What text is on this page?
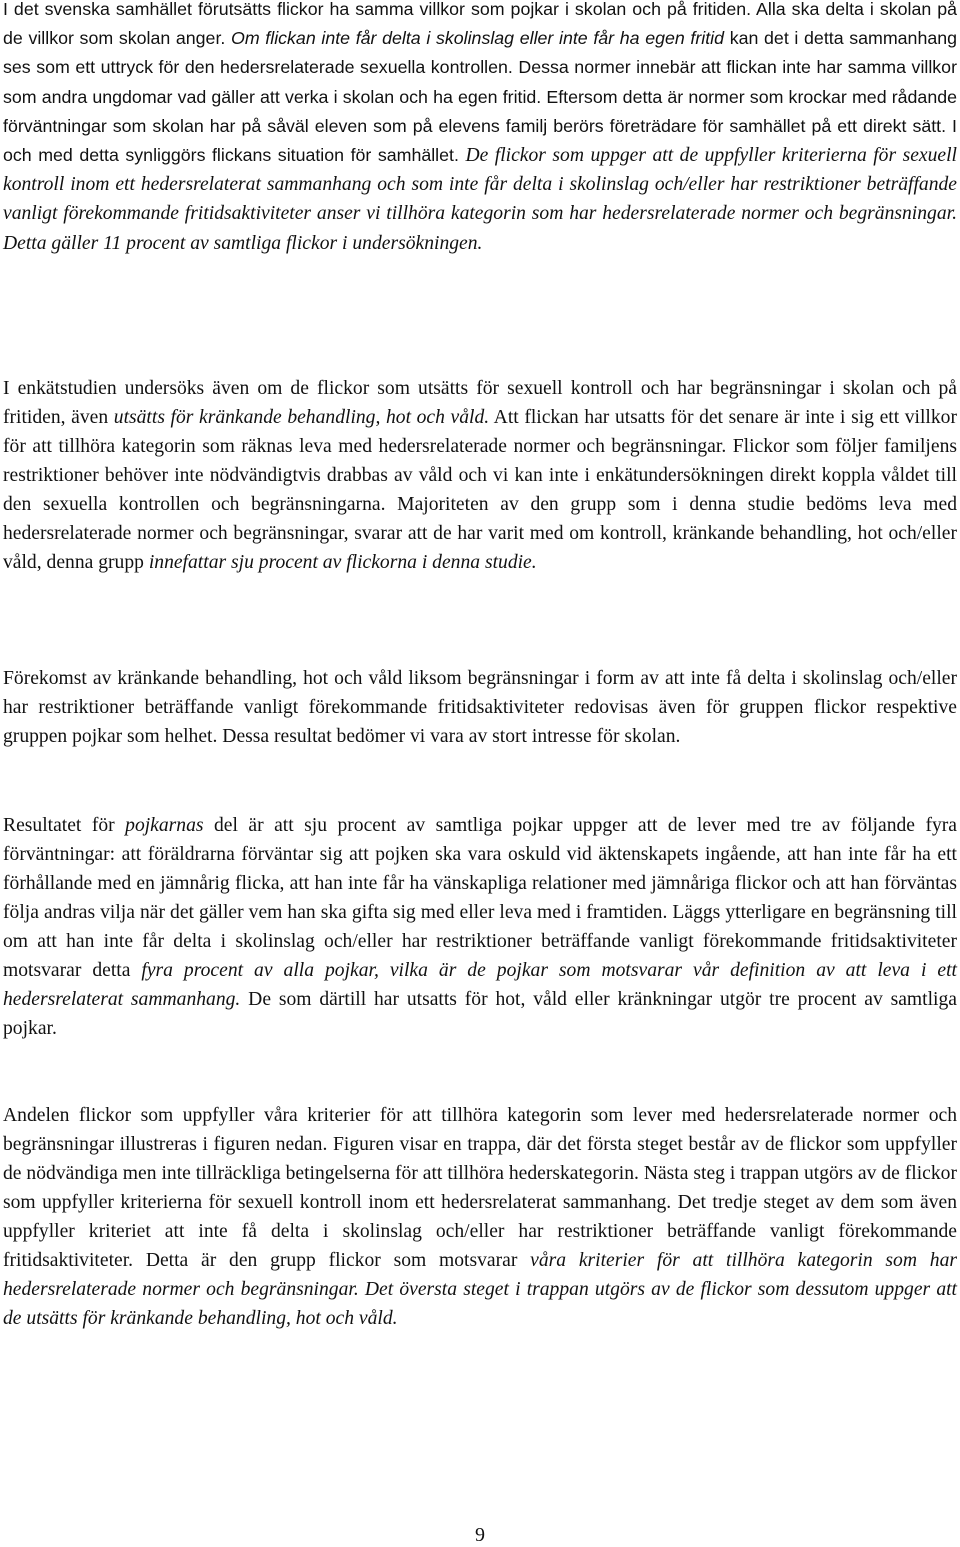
I det svenska samhället förutsätts flickor ha samma villkor som pojkar i skolan och på fritiden. Alla ska delta i skolan på de villkor som skolan anger. Om flickan inte får delta i skolinslag eller inte får ha egen fritid kan det i detta sammanhang ses som ett uttryck för den hedersrelaterade sexuella kontrollen. Dessa normer innebär att flickan inte har samma villkor som andra ungdomar vad gäller att verka i skolan och ha egen fritid. Eftersom detta är normer som krockar med rådande förväntningar som skolan har på såväl eleven som på elevens familj berörs företrädare för samhället på ett direkt sätt. I och med detta synliggörs flickans situation för samhället. De flickor som uppger att de uppfyller kriterierna för sexuell kontroll inom ett hedersrelaterat sammanhang och som inte får delta i skolinslag och/eller har restriktioner beträffande vanligt förekommande fritidsaktiviteter anser vi tillhöra kategorin som har hedersrelaterade normer och begränsningar. Detta gäller 11 procent av samtliga flickor i undersökningen.

I enkätstudien undersöks även om de flickor som utsätts för sexuell kontroll och har begränsningar i skolan och på fritiden, även utsätts för kränkande behandling, hot och våld. Att flickan har utsatts för det senare är inte i sig ett villkor för att tillhöra kategorin som räknas leva med hedersrelaterade normer och begränsningar. Flickor som följer familjens restriktioner behöver inte nödvändigtvis drabbas av våld och vi kan inte i enkätundersökningen direkt koppla våldet till den sexuella kontrollen och begränsningarna. Majoriteten av den grupp som i denna studie bedöms leva med hedersrelaterade normer och begränsningar, svarar att de har varit med om kontroll, kränkande behandling, hot och/eller våld, denna grupp innefattar sju procent av flickorna i denna studie.

Förekomst av kränkande behandling, hot och våld liksom begränsningar i form av att inte få delta i skolinslag och/eller har restriktioner beträffande vanligt förekommande fritidsaktiviteter redovisas även för gruppen flickor respektive gruppen pojkar som helhet. Dessa resultat bedömer vi vara av stort intresse för skolan.

Resultatet för pojkarnas del är att sju procent av samtliga pojkar uppger att de lever med tre av följande fyra förväntningar: att föräldrarna förväntar sig att pojken ska vara oskuld vid äktenskapets ingående, att han inte får ha ett förhållande med en jämnårig flicka, att han inte får ha vänskapliga relationer med jämnåriga flickor och att han förväntas följa andras vilja när det gäller vem han ska gifta sig med eller leva med i framtiden. Läggs ytterligare en begränsning till om att han inte får delta i skolinslag och/eller har restriktioner beträffande vanligt förekommande fritidsaktiviteter motsvarar detta fyra procent av alla pojkar, vilka är de pojkar som motsvarar vår definition av att leva i ett hedersrelaterat sammanhang. De som därtill har utsatts för hot, våld eller kränkningar utgör tre procent av samtliga pojkar.

Andelen flickor som uppfyller våra kriterier för att tillhöra kategorin som lever med hedersrelaterade normer och begränsningar illustreras i figuren nedan. Figuren visar en trappa, där det första steget består av de flickor som uppfyller de nödvändiga men inte tillräckliga betingelserna för att tillhöra hederskategorin. Nästa steg i trappan utgörs av de flickor som uppfyller kriterierna för sexuell kontroll inom ett hedersrelaterat sammanhang. Det tredje steget av dem som även uppfyller kriteriet att inte få delta i skolinslag och/eller har restriktioner beträffande vanligt förekommande fritidsaktiviteter. Detta är den grupp flickor som motsvarar våra kriterier för att tillhöra kategorin som har hedersrelaterade normer och begränsningar. Det översta steget i trappan utgörs av de flickor som dessutom uppger att de utsätts för kränkande behandling, hot och våld.

9
